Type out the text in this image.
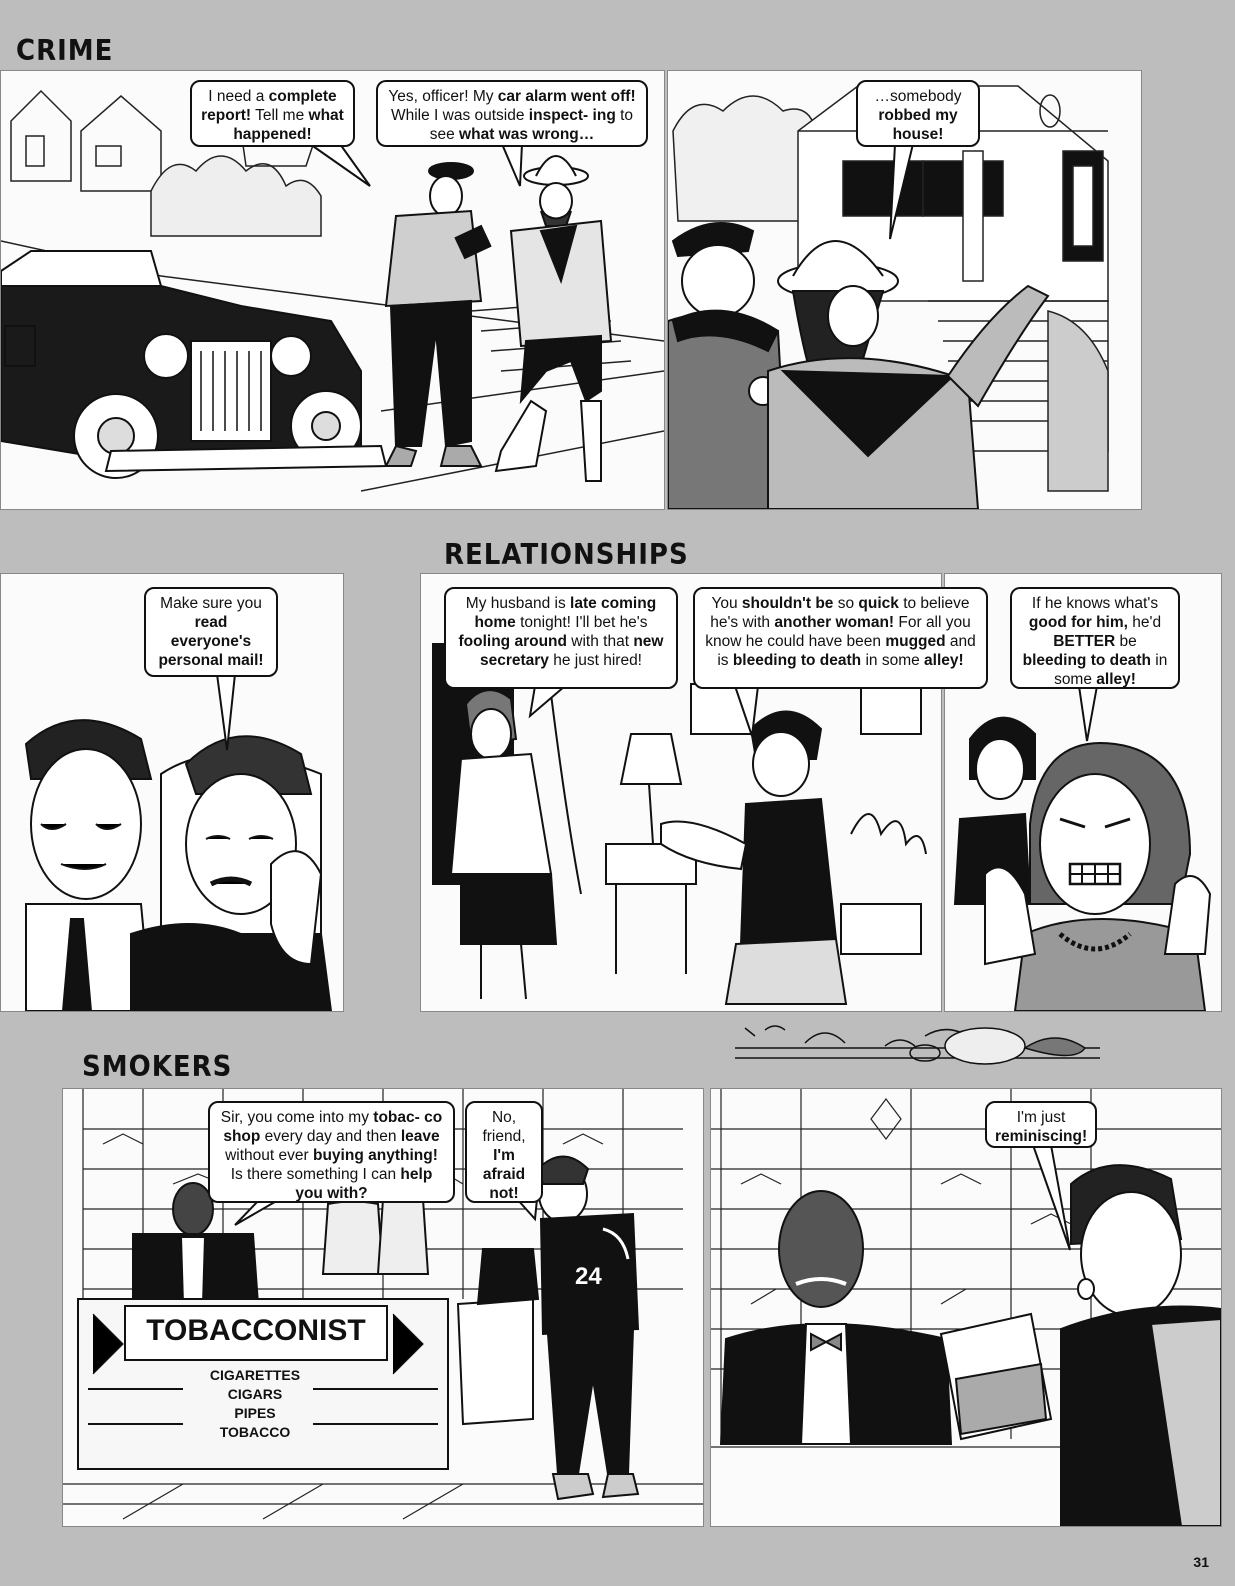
CRIME
RELATIONSHIPS
SMOKERS
I need a complete report! Tell me what happened!
Yes, officer! My car alarm went off! While I was outside inspect- ing to see what was wrong…
…somebody robbed my house!
Make sure you read everyone's personal mail!
My husband is late coming home tonight! I'll bet he's fooling around with that new secretary he just hired!
You shouldn't be so quick to believe he's with another woman! For all you know he could have been mugged and is bleeding to death in some alley!
If he knows what's good for him, he'd BETTER be bleeding to death in some alley!
24
TOBACCONIST
CIGARETTES
CIGARS
PIPES
TOBACCO
Sir, you come into my tobac- co shop every day and then leave without ever buying anything! Is there something I can help you with?
No, friend, I'm afraid not!
I'm just reminiscing!
31
